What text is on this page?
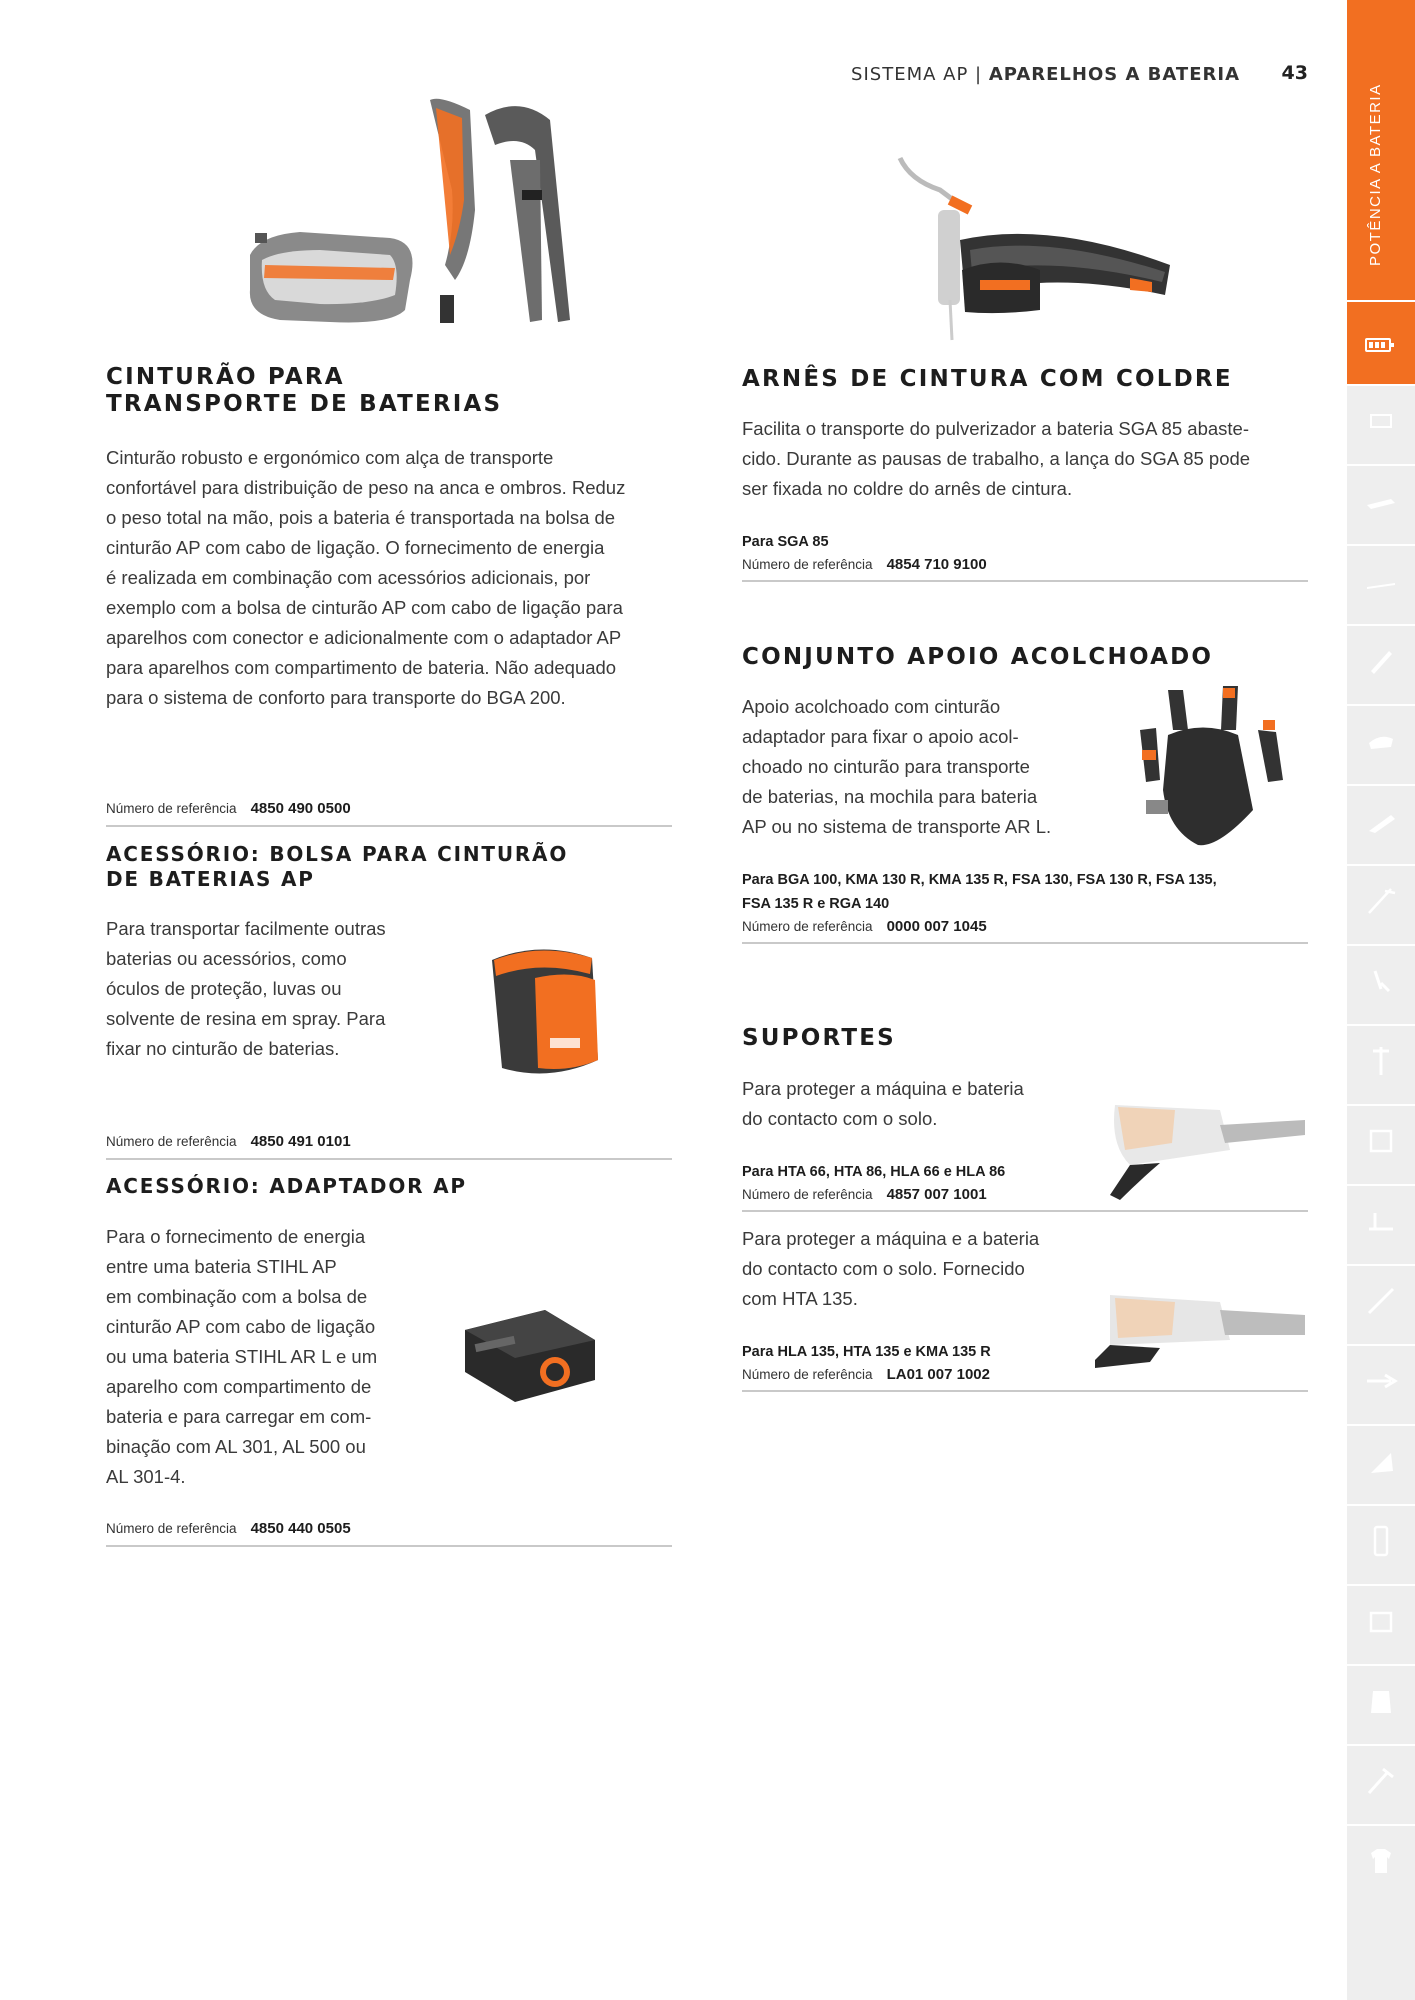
SISTEMA AP | APARELHOS A BATERIA	43
POTÊNCIA A BATERIA
CINTURÃO PARA
TRANSPORTE DE BATERIAS
Cinturão robusto e ergonómico com alça de transporte
confortável para distribuição de peso na anca e ombros. Reduz
o peso total na mão, pois a bateria é transportada na bolsa de
cinturão AP com cabo de ligação. O fornecimento de energia
é realizada em combinação com acessórios adicionais, por
exemplo com a bolsa de cinturão AP com cabo de ligação para
aparelhos com conector e adicionalmente com o adaptador AP
para aparelhos com compartimento de bateria. Não adequado
para o sistema de conforto para transporte do BGA 200.
Número de referência 4850 490 0500
ACESSÓRIO: BOLSA PARA CINTURÃO
DE BATERIAS AP
Para transportar facilmente outras
baterias ou acessórios, como
óculos de proteção, luvas ou
solvente de resina em spray. Para
fixar no cinturão de baterias.
Número de referência 4850 491 0101
ACESSÓRIO: ADAPTADOR AP
Para o fornecimento de energia
entre uma bateria STIHL AP
em combinação com a bolsa de
cinturão AP com cabo de ligação
ou uma bateria STIHL AR L e um
aparelho com compartimento de
bateria e para carregar em com-
binação com AL 301, AL 500 ou
AL 301-4.
Número de referência 4850 440 0505
ARNÊS DE CINTURA COM COLDRE
Facilita o transporte do pulverizador a bateria SGA 85 abaste-
cido. Durante as pausas de trabalho, a lança do SGA 85 pode
ser fixada no coldre do arnês de cintura.
Para SGA 85
Número de referência 4854 710 9100
CONJUNTO APOIO ACOLCHOADO
Apoio acolchoado com cinturão
adaptador para fixar o apoio acol-
choado no cinturão para transporte
de baterias, na mochila para bateria
AP ou no sistema de transporte AR L.
Para BGA 100, KMA 130 R, KMA 135 R, FSA 130, FSA 130 R, FSA 135,
FSA 135 R e RGA 140
Número de referência 0000 007 1045
SUPORTES
Para proteger a máquina e bateria
do contacto com o solo.
Para HTA 66, HTA 86, HLA 66 e HLA 86
Número de referência 4857 007 1001
Para proteger a máquina e a bateria
do contacto com o solo. Fornecido
com HTA 135.
Para HLA 135, HTA 135 e KMA 135 R
Número de referência LA01 007 1002
